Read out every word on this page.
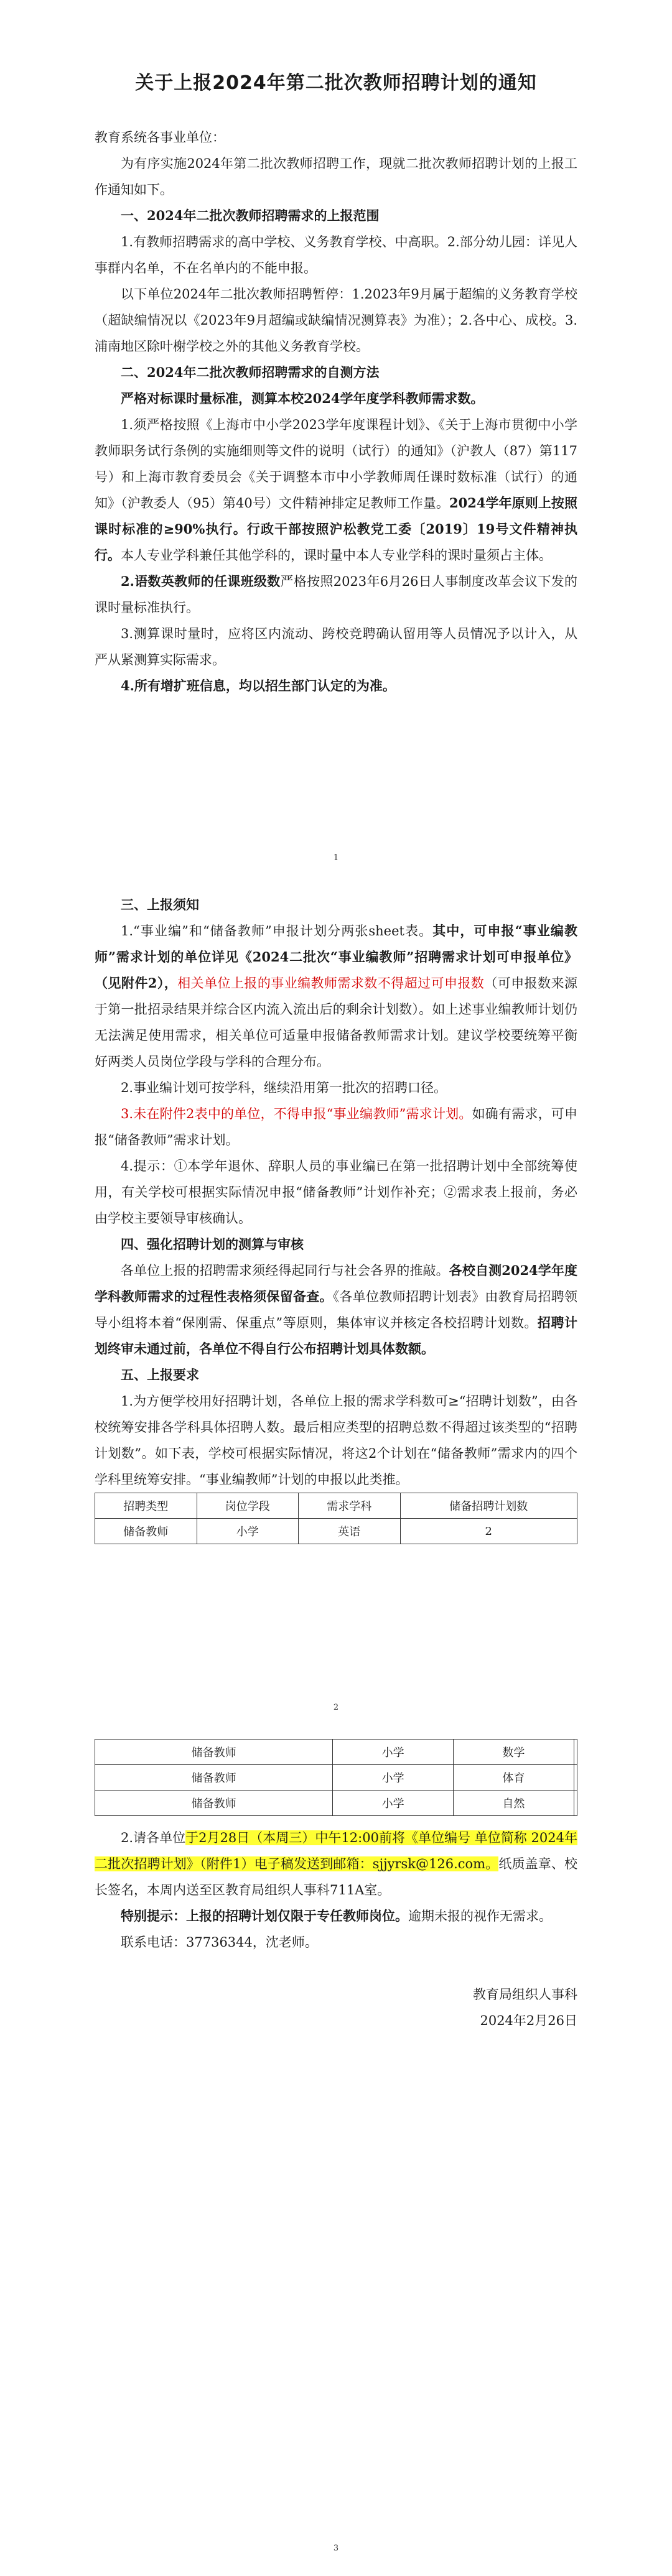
关于上报2024年第二批次教师招聘计划的通知

教育系统各事业单位：

为有序实施2024年第二批次教师招聘工作，现就二批次教师招聘计划的上报工作通知如下。

一、2024年二批次教师招聘需求的上报范围

1.有教师招聘需求的高中学校、义务教育学校、中高职。2.部分幼儿园：详见人事群内名单，不在名单内的不能申报。

以下单位2024年二批次教师招聘暂停：1.2023年9月属于超编的义务教育学校（超缺编情况以《2023年9月超编或缺编情况测算表》为准）；2.各中心、成校。3.浦南地区除叶榭学校之外的其他义务教育学校。

二、2024年二批次教师招聘需求的自测方法

严格对标课时量标准，测算本校2024学年度学科教师需求数。

1.须严格按照《上海市中小学2023学年度课程计划》、《关于上海市贯彻中小学教师职务试行条例的实施细则等文件的说明（试行）的通知》（沪教人（87）第117号）和上海市教育委员会《关于调整本市中小学教师周任课时数标准（试行）的通知》（沪教委人（95）第40号）文件精神排定足教师工作量。2024学年原则上按照课时标准的≥90%执行。行政干部按照沪松教党工委〔2019〕19号文件精神执行。本人专业学科兼任其他学科的，课时量中本人专业学科的课时量须占主体。

2.语数英教师的任课班级数严格按照2023年6月26日人事制度改革会议下发的课时量标准执行。

3.测算课时量时，应将区内流动、跨校竞聘确认留用等人员情况予以计入，从严从紧测算实际需求。

4.所有增扩班信息，均以招生部门认定的为准。

1

三、上报须知

1.“事业编”和“储备教师”申报计划分两张sheet表。其中，可申报“事业编教师”需求计划的单位详见《2024二批次“事业编教师”招聘需求计划可申报单位》（见附件2），相关单位上报的事业编教师需求数不得超过可申报数（可申报数来源于第一批招录结果并综合区内流入流出后的剩余计划数）。如上述事业编教师计划仍无法满足使用需求，相关单位可适量申报储备教师需求计划。建议学校要统筹平衡好两类人员岗位学段与学科的合理分布。

2.事业编计划可按学科，继续沿用第一批次的招聘口径。

3.未在附件2表中的单位，不得申报“事业编教师”需求计划。如确有需求，可申报“储备教师”需求计划。

4.提示：①本学年退休、辞职人员的事业编已在第一批招聘计划中全部统筹使用，有关学校可根据实际情况申报“储备教师”计划作补充；②需求表上报前，务必由学校主要领导审核确认。

四、强化招聘计划的测算与审核

各单位上报的招聘需求须经得起同行与社会各界的推敲。各校自测2024学年度学科教师需求的过程性表格须保留备查。《各单位教师招聘计划表》由教育局招聘领导小组将本着“保刚需、保重点”等原则，集体审议并核定各校招聘计划数。招聘计划终审未通过前，各单位不得自行公布招聘计划具体数额。

五、上报要求

1.为方便学校用好招聘计划，各单位上报的需求学科数可≥“招聘计划数”，由各校统筹安排各学科具体招聘人数。最后相应类型的招聘总数不得超过该类型的“招聘计划数”。如下表，学校可根据实际情况，将这2个计划在“储备教师”需求内的四个学科里统筹安排。“事业编教师”计划的申报以此类推。

招聘类型	岗位学段	需求学科	储备招聘计划数
储备教师	小学	英语	2
2
储备教师	小学	数学	
储备教师	小学	体育	
储备教师	小学	自然	

2.请各单位于2月28日（本周三）中午12:00前将《单位编号 单位简称 2024年二批次招聘计划》（附件1）电子稿发送到邮箱：sjjyrsk@126.com。纸质盖章、校长签名，本周内送至区教育局组织人事科711A室。

特别提示：上报的招聘计划仅限于专任教师岗位。逾期未报的视作无需求。

联系电话：37736344，沈老师。

教育局组织人事科

2024年2月26日

3
